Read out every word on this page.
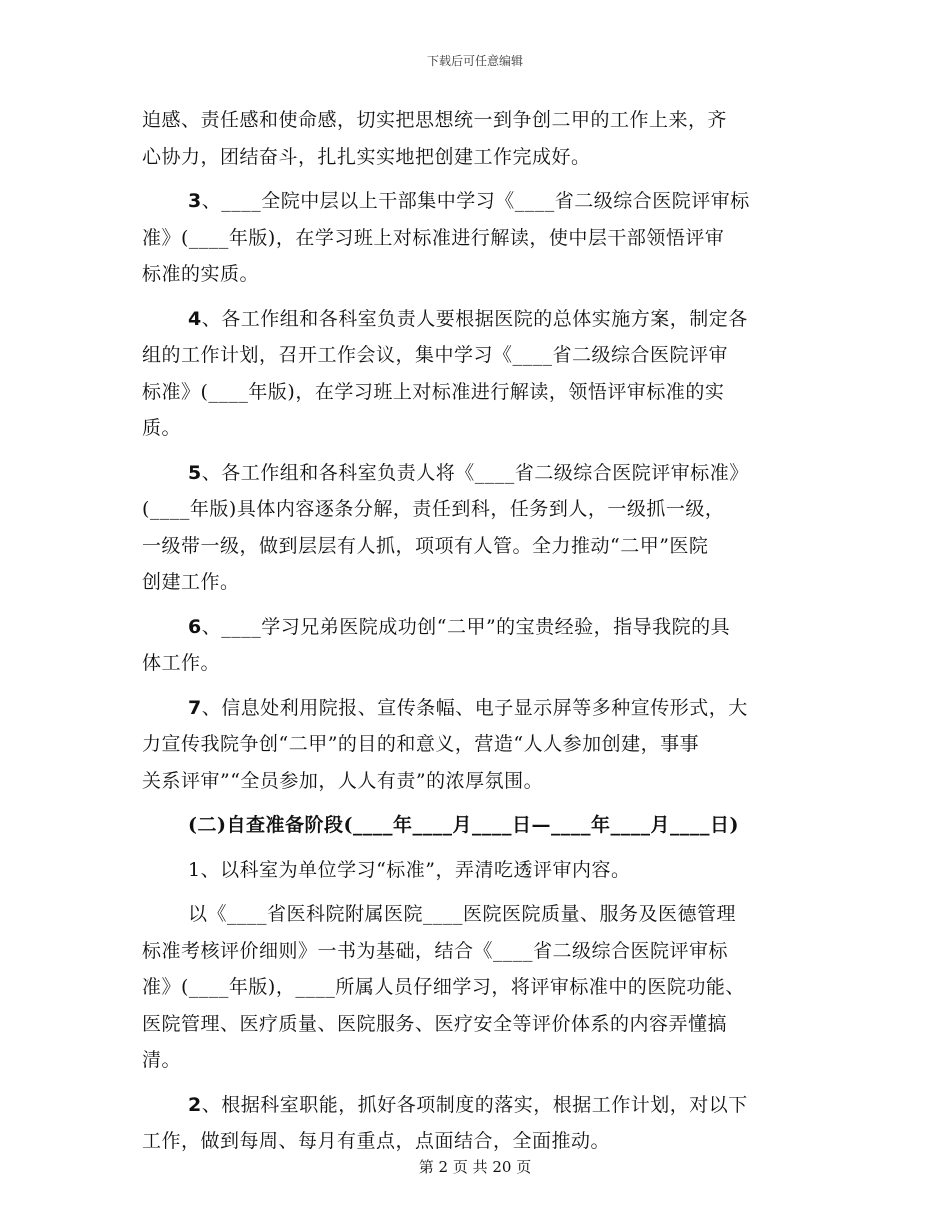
下载后可任意编辑

迫感、责任感和使命感，切实把思想统一到争创二甲的工作上来，齐
心协力，团结奋斗，扎扎实实地把创建工作完成好。

3、____全院中层以上干部集中学习《____省二级综合医院评审标
准》(____年版)，在学习班上对标准进行解读，使中层干部领悟评审
标准的实质。

4、各工作组和各科室负责人要根据医院的总体实施方案，制定各
组的工作计划，召开工作会议，集中学习《____省二级综合医院评审
标准》(____年版)，在学习班上对标准进行解读，领悟评审标准的实
质。

5、各工作组和各科室负责人将《____省二级综合医院评审标准》
(____年版)具体内容逐条分解，责任到科，任务到人，一级抓一级，
一级带一级，做到层层有人抓，项项有人管。全力推动“二甲”医院
创建工作。

6、____学习兄弟医院成功创“二甲”的宝贵经验，指导我院的具
体工作。

7、信息处利用院报、宣传条幅、电子显示屏等多种宣传形式，大
力宣传我院争创“二甲”的目的和意义，营造“人人参加创建，事事
关系评审”“全员参加，人人有责”的浓厚氛围。

(二)自查准备阶段(____年____月____日—____年____月____日)

1、以科室为单位学习“标准”，弄清吃透评审内容。

以《____省医科院附属医院____医院医院质量、服务及医德管理
标准考核评价细则》一书为基础，结合《____省二级综合医院评审标
准》(____年版)，____所属人员仔细学习，将评审标准中的医院功能、
医院管理、医疗质量、医院服务、医疗安全等评价体系的内容弄懂搞
清。

2、根据科室职能，抓好各项制度的落实，根据工作计划，对以下
工作，做到每周、每月有重点，点面结合，全面推动。

第 2 页 共 20 页
